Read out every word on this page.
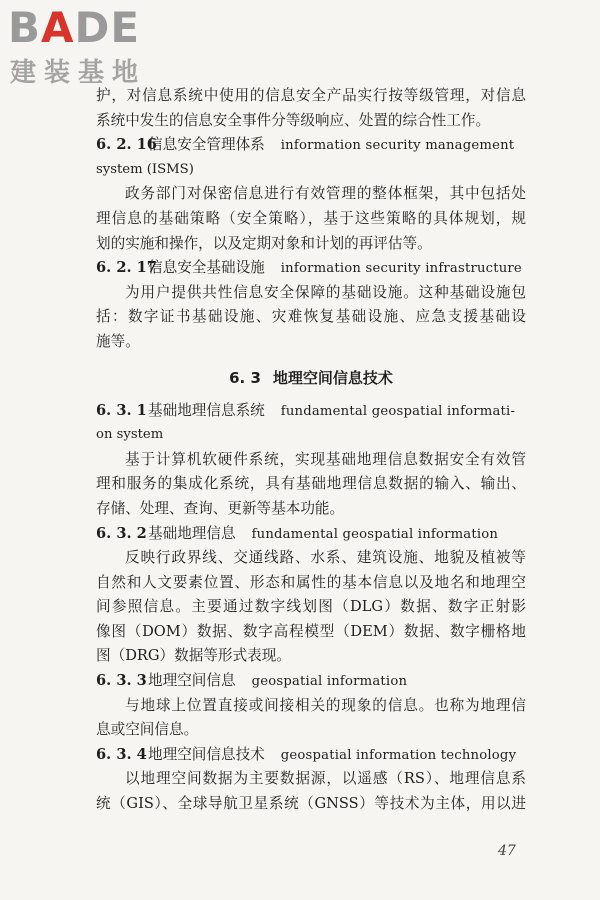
BADE
建装基地
护，对信息系统中使用的信息安全产品实行按等级管理，对信息
系统中发生的信息安全事件分等级响应、处置的综合性工作。
6. 2. 16
信息安全管理体系 information security management
system (ISMS)
政务部门对保密信息进行有效管理的整体框架，其中包括处
理信息的基础策略（安全策略），基于这些策略的具体规划，规
划的实施和操作，以及定期对象和计划的再评估等。
6. 2. 17
信息安全基础设施 information security infrastructure
为用户提供共性信息安全保障的基础设施。这种基础设施包
括：数字证书基础设施、灾难恢复基础设施、应急支援基础设
施等。
6. 3 地理空间信息技术
6. 3. 1 基础地理信息系统 fundamental geospatial informati-
on system
基于计算机软硬件系统，实现基础地理信息数据安全有效管
理和服务的集成化系统，具有基础地理信息数据的输入、输出、
存储、处理、查询、更新等基本功能。
6. 3. 2 基础地理信息 fundamental geospatial information
反映行政界线、交通线路、水系、建筑设施、地貌及植被等
自然和人文要素位置、形态和属性的基本信息以及地名和地理空
间参照信息。主要通过数字线划图（DLG）数据、数字正射影
像图（DOM）数据、数字高程模型（DEM）数据、数字栅格地
图（DRG）数据等形式表现。
6. 3. 3 地理空间信息 geospatial information
与地球上位置直接或间接相关的现象的信息。也称为地理信
息或空间信息。
6. 3. 4 地理空间信息技术 geospatial information technology
以地理空间数据为主要数据源，以遥感（RS）、地理信息系
统（GIS）、全球导航卫星系统（GNSS）等技术为主体，用以进
47
